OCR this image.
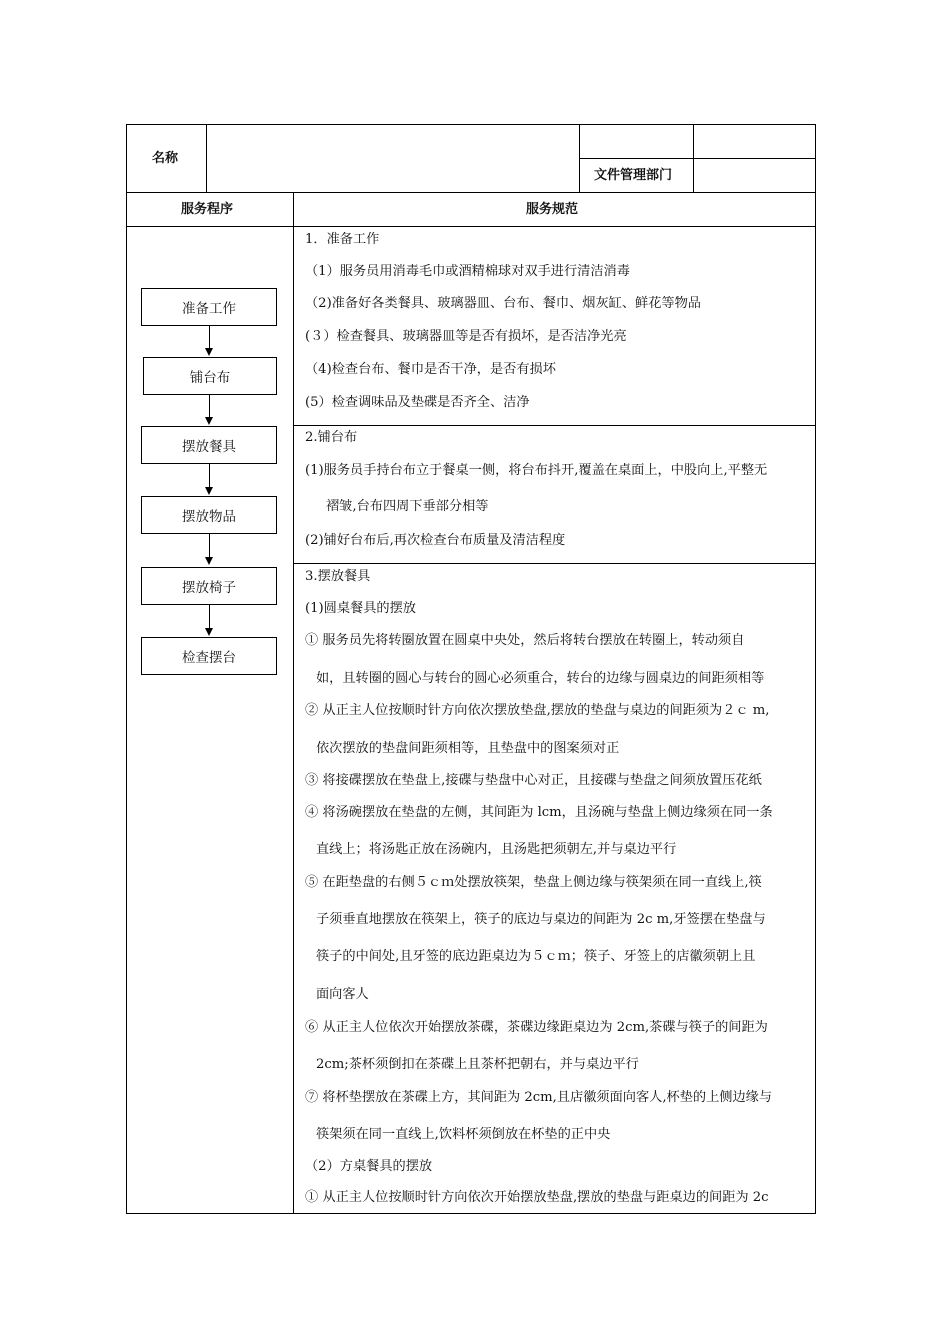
名称
文件管理部门
服务程序	服务规范
准备工作
铺台布
摆放餐具
摆放物品
摆放椅子
检查摆台
1．准备工作
（1）服务员用消毒毛巾或酒精棉球对双手进行清洁消毒
（2)准备好各类餐具、玻璃器皿、台布、餐巾、烟灰缸、鲜花等物品
(３）检查餐具、玻璃器皿等是否有损坏，是否洁净光亮
（4)检查台布、餐巾是否干净，是否有损坏
(5）检查调味品及垫碟是否齐全、洁净
2.铺台布
(1)服务员手持台布立于餐桌一侧，将台布抖开,覆盖在桌面上，中股向上,平整无
褶皱,台布四周下垂部分相等
(2)铺好台布后,再次检查台布质量及清洁程度
3.摆放餐具
(1)圆桌餐具的摆放
① 服务员先将转圈放置在圆桌中央处，然后将转台摆放在转圈上，转动须自
如，且转圈的圆心与转台的圆心必须重合，转台的边缘与圆桌边的间距须相等
② 从正主人位按顺时针方向依次摆放垫盘,摆放的垫盘与桌边的间距须为２ｃ m,
依次摆放的垫盘间距须相等，且垫盘中的图案须对正
③ 将接碟摆放在垫盘上,接碟与垫盘中心对正，且接碟与垫盘之间须放置压花纸
④ 将汤碗摆放在垫盘的左侧，其间距为 lcm，且汤碗与垫盘上侧边缘须在同一条
直线上；将汤匙正放在汤碗内，且汤匙把须朝左,并与桌边平行
⑤ 在距垫盘的右侧５ｃｍ处摆放筷架，垫盘上侧边缘与筷架须在同一直线上,筷
子须垂直地摆放在筷架上，筷子的底边与桌边的间距为 2c m,牙签摆在垫盘与
筷子的中间处,且牙签的底边距桌边为５ｃｍ；筷子、牙签上的店徽须朝上且
面向客人
⑥ 从正主人位依次开始摆放茶碟，茶碟边缘距桌边为 2cm,茶碟与筷子的间距为
2cm;茶杯须倒扣在茶碟上且茶杯把朝右，并与桌边平行
⑦ 将杯垫摆放在茶碟上方，其间距为 2cm,且店徽须面向客人,杯垫的上侧边缘与
筷架须在同一直线上,饮料杯须倒放在杯垫的正中央
（2）方桌餐具的摆放
① 从正主人位按顺时针方向依次开始摆放垫盘,摆放的垫盘与距桌边的间距为 2c
